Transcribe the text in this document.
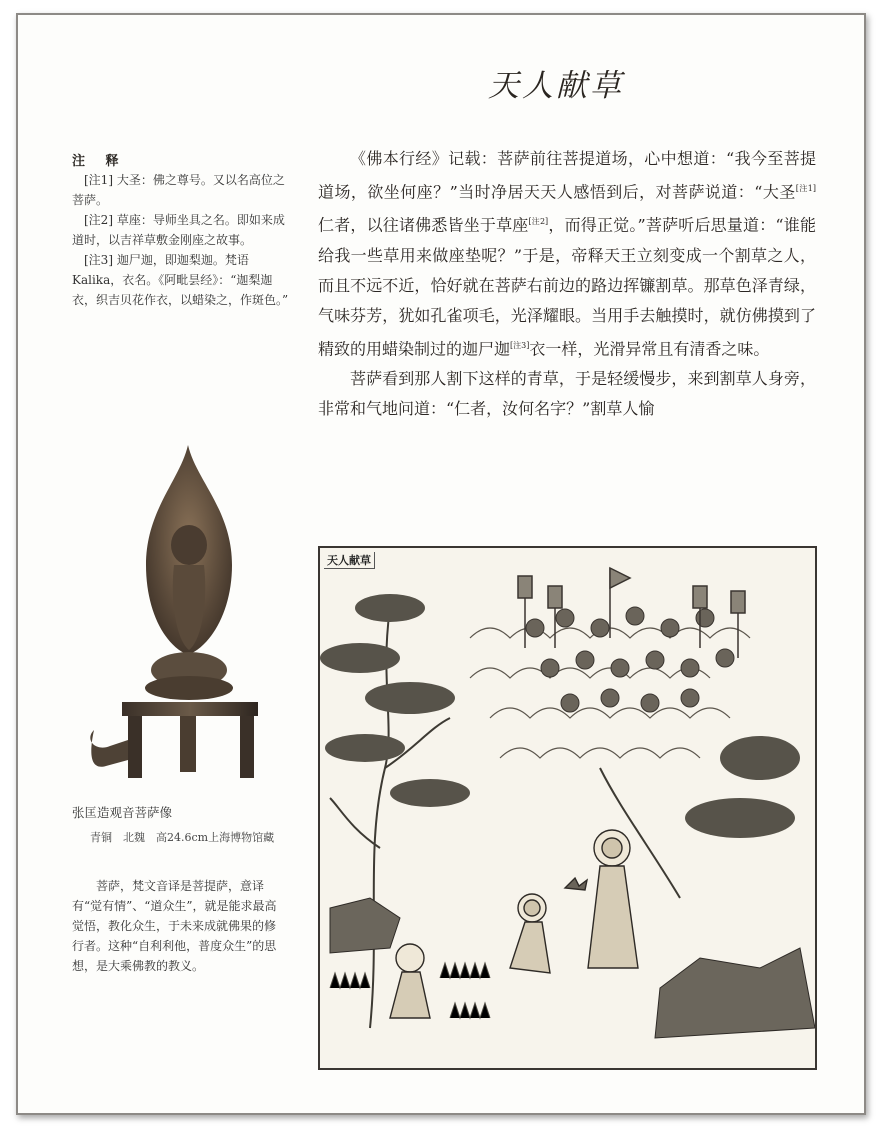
天人献草
注 释

[注1] 大圣：佛之尊号。又以名高位之菩萨。

[注2] 草座：导师坐具之名。即如来成道时，以吉祥草敷金刚座之故事。

[注3] 迦尸迦，即迦梨迦。梵语Kalika，衣名。《阿毗昙经》：“迦梨迦衣，织吉贝花作衣，以蜡染之，作斑色。”

《佛本行经》记载：菩萨前往菩提道场，心中想道：“我今至菩提道场，欲坐何座？”当时净居天天人感悟到后，对菩萨说道：“大圣[注1]仁者，以往诸佛悉皆坐于草座[注2]，而得正觉。”菩萨听后思量道：“谁能给我一些草用来做座垫呢？”于是，帝释天王立刻变成一个割草之人，而且不远不近，恰好就在菩萨右前边的路边挥镰割草。那草色泽青绿，气味芬芳，犹如孔雀项毛，光泽耀眼。当用手去触摸时，就仿佛摸到了精致的用蜡染制过的迦尸迦[注3]衣一样，光滑异常且有清香之味。

菩萨看到那人割下这样的青草，于是轻缓慢步，来到割草人身旁，非常和气地问道：“仁者，汝何名字？”割草人愉

张匡造观音菩萨像
青铜　北魏　高24.6cm上海博物馆藏
菩萨，梵文音译是菩提萨，意译有“觉有情”、“道众生”，就是能求最高觉悟，教化众生，于未来成就佛果的修行者。这种“自利利他，普度众生”的思想，是大乘佛教的教义。
天人献草
